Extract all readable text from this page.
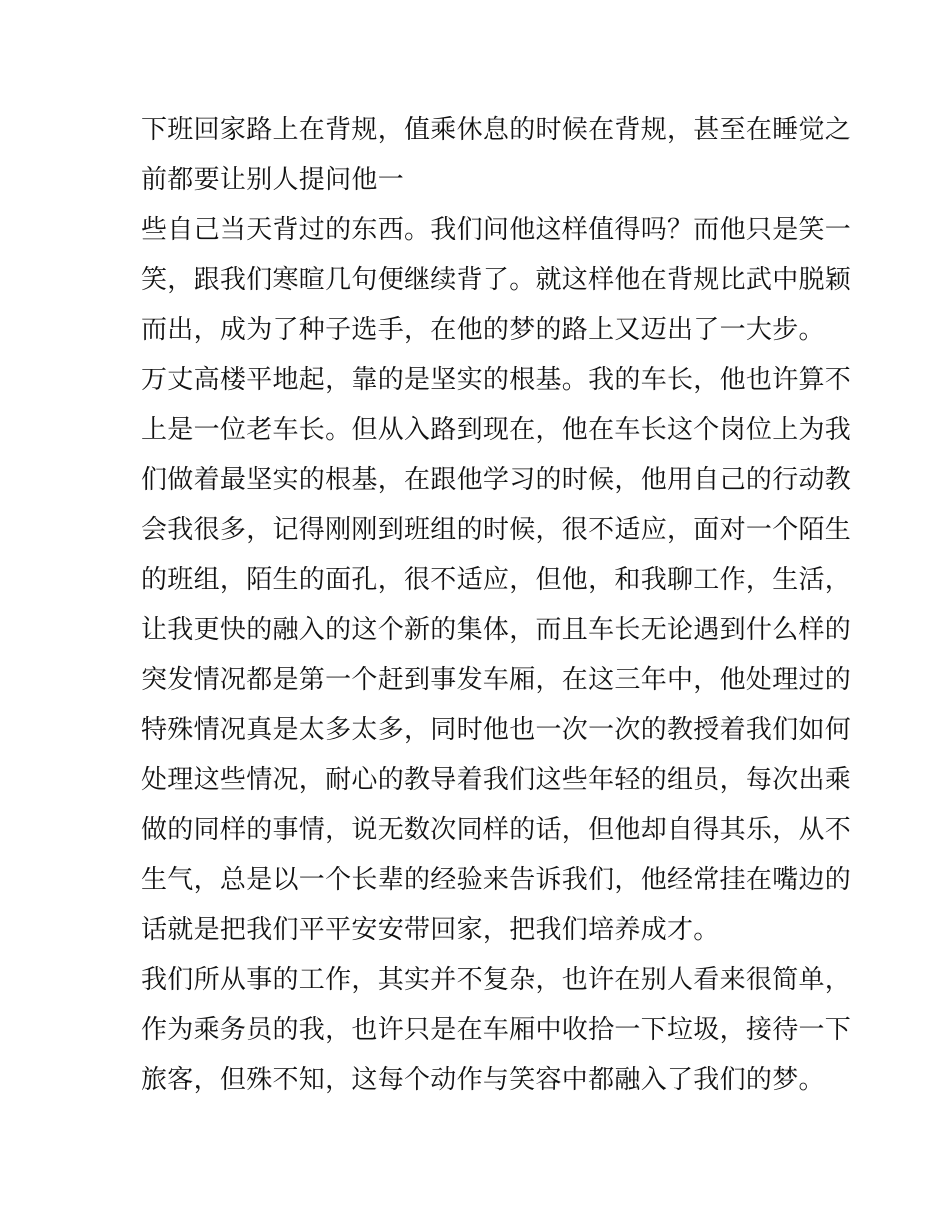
下班回家路上在背规，值乘休息的时候在背规，甚至在睡觉之
前都要让别人提问他一
些自己当天背过的东西。我们问他这样值得吗？而他只是笑一
笑，跟我们寒暄几句便继续背了。就这样他在背规比武中脱颖
而出，成为了种子选手，在他的梦的路上又迈出了一大步。
万丈高楼平地起，靠的是坚实的根基。我的车长，他也许算不
上是一位老车长。但从入路到现在，他在车长这个岗位上为我
们做着最坚实的根基，在跟他学习的时候，他用自己的行动教
会我很多，记得刚刚到班组的时候，很不适应，面对一个陌生
的班组，陌生的面孔，很不适应，但他，和我聊工作，生活，
让我更快的融入的这个新的集体，而且车长无论遇到什么样的
突发情况都是第一个赶到事发车厢，在这三年中，他处理过的
特殊情况真是太多太多，同时他也一次一次的教授着我们如何
处理这些情况，耐心的教导着我们这些年轻的组员，每次出乘
做的同样的事情，说无数次同样的话，但他却自得其乐，从不
生气，总是以一个长辈的经验来告诉我们，他经常挂在嘴边的
话就是把我们平平安安带回家，把我们培养成才。
我们所从事的工作，其实并不复杂，也许在别人看来很简单，
作为乘务员的我，也许只是在车厢中收拾一下垃圾，接待一下
旅客，但殊不知，这每个动作与笑容中都融入了我们的梦。
